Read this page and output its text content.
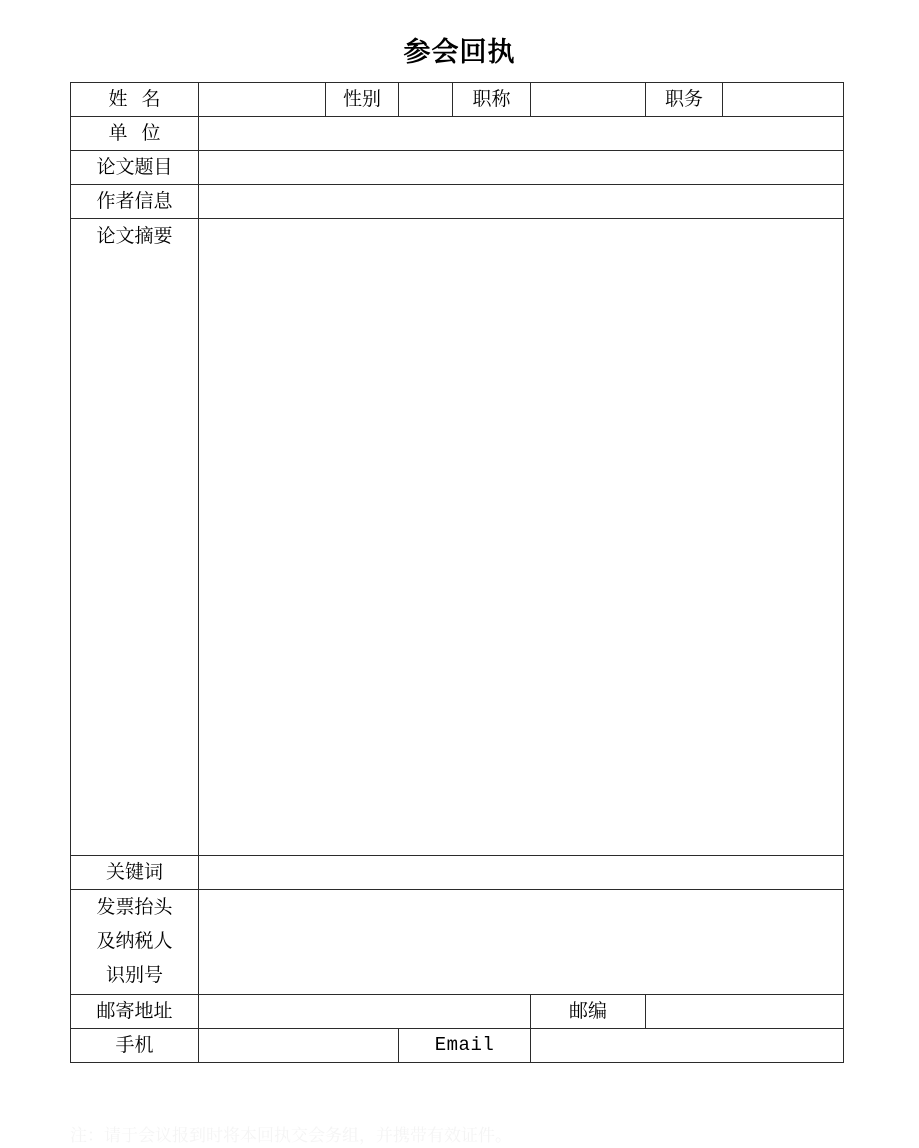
参会回执
姓名		性别		职称		职务	
单位							
论文题目							
作者信息							
论文摘要							
关键词							

发票抬头
及纳税人
识别号							

邮寄地址					邮编		
手机			Email				
注：请于会议报到时将本回执交会务组，并携带有效证件。
